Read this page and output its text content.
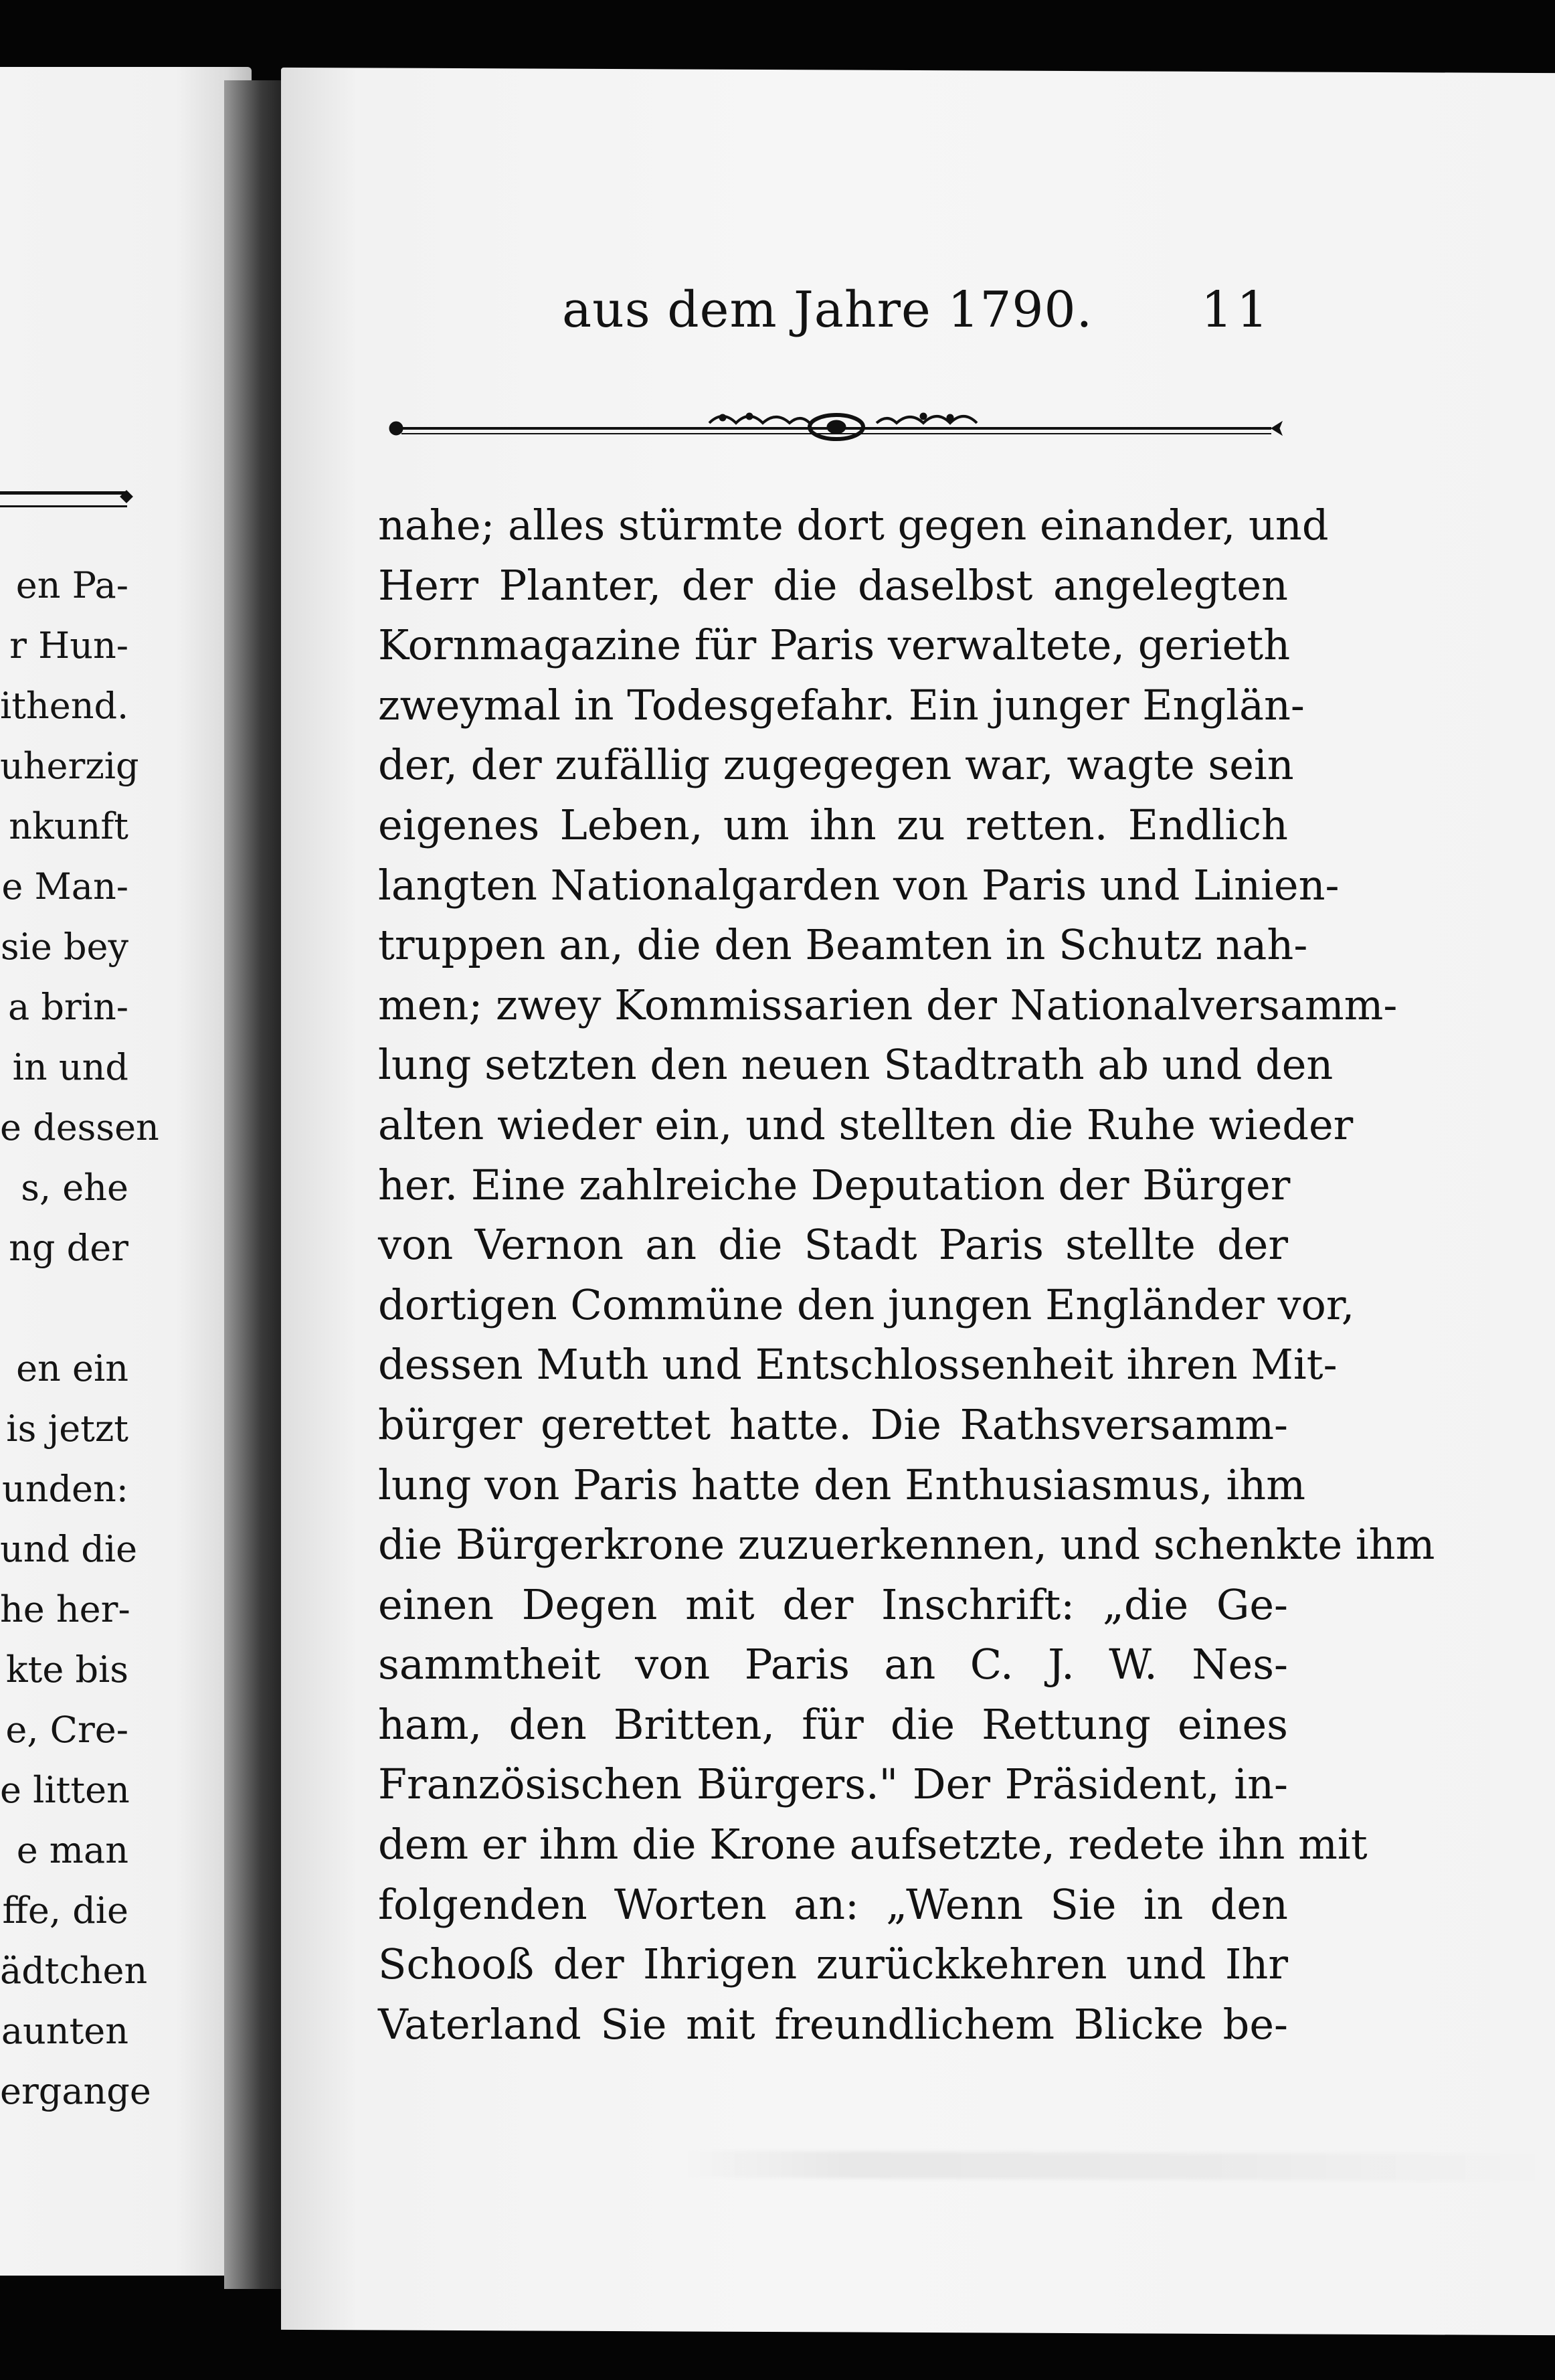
en Pa-
r Hun-
ithend.
uherzig
nkunft
e Man-
sie bey
a brin-
in und
e dessen
s, ehe
ng der
en ein
is jetzt
unden:
und die
he her-
kte bis
e, Cre-
e litten
e man
ffe, die
ädtchen
aunten
ergange
aus dem Jahre 1790. 11
nahe; alles stürmte dort gegen einander, und
Herr Planter, der die daselbst angelegten
Kornmagazine für Paris verwaltete, gerieth
zweymal in Todesgefahr. Ein junger Englän-
der, der zufällig zugegegen war, wagte sein
eigenes Leben, um ihn zu retten. Endlich
langten Nationalgarden von Paris und Linien-
truppen an, die den Beamten in Schutz nah-
men; zwey Kommissarien der Nationalversamm-
lung setzten den neuen Stadtrath ab und den
alten wieder ein, und stellten die Ruhe wieder
her. Eine zahlreiche Deputation der Bürger
von Vernon an die Stadt Paris stellte der
dortigen Commüne den jungen Engländer vor,
dessen Muth und Entschlossenheit ihren Mit-
bürger gerettet hatte. Die Rathsversamm-
lung von Paris hatte den Enthusiasmus, ihm
die Bürgerkrone zuzuerkennen, und schenkte ihm
einen Degen mit der Inschrift: „die Ge-
sammtheit von Paris an C. J. W. Nes-
ham, den Britten, für die Rettung eines
Französischen Bürgers." Der Präsident, in-
dem er ihm die Krone aufsetzte, redete ihn mit
folgenden Worten an: „Wenn Sie in den
Schooß der Ihrigen zurückkehren und Ihr
Vaterland Sie mit freundlichem Blicke be-
